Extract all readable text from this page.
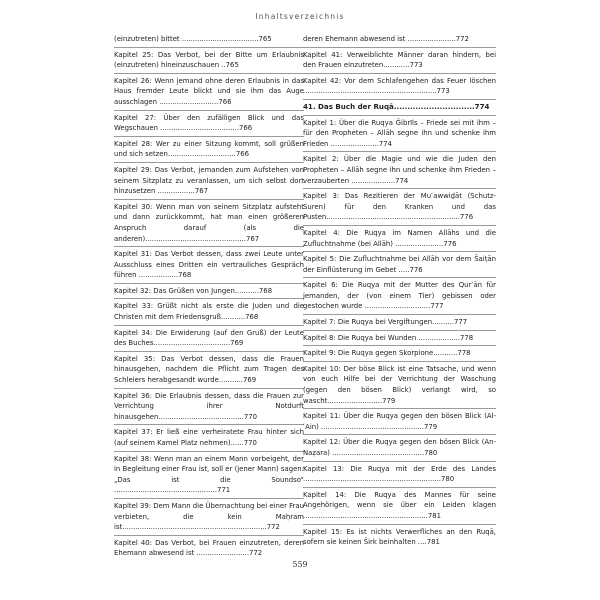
Inhaltsverzeichnis
(einzutreten) bittet ...................................765
Kapitel 25: Das Verbot, bei der Bitte um Erlaubnis (einzutreten) hineinzuschauen ..765
Kapitel 26: Wenn jemand ohne deren Erlaubnis in das Haus fremder Leute blickt und sie ihm das Auge ausschlagen ...........................766
Kapitel 27: Über den zufälligen Blick und das Wegschauen ....................................766
Kapitel 28: Wer zu einer Sitzung kommt, soll grüßen und sich setzen...............................766
Kapitel 29: Das Verbot, jemanden zum Aufstehen von seinem Sitzplatz zu veranlassen, um sich selbst dort hinzusetzen .................767
Kapitel 30: Wenn man von seinem Sitzplatz aufsteht und dann zurückkommt, hat man einen größeren Anspruch darauf (als die anderen)..............................................767
Kapitel 31: Das Verbot dessen, dass zwei Leute unter Ausschluss eines Dritten ein vertrauliches Gespräch führen ..................768
Kapitel 32: Das Grüßen von Jungen...........768
Kapitel 33: Grüßt nicht als erste die Juden und die Christen mit dem Friedensgruß...........768
Kapitel 34: Die Erwiderung (auf den Gruß) der Leute des Buches...................................769
Kapitel 35: Das Verbot dessen, dass die Frauen hinausgehen, nachdem die Pflicht zum Tragen des Schleiers herabgesandt wurde...........769
Kapitel 36: Die Erlaubnis dessen, dass die Frauen zur Verrichtung ihrer Notdurft hinausgehen.......................................770
Kapitel 37: Er ließ eine verheiratete Frau hinter sich (auf seinem Kamel Platz nehmen)......770
Kapitel 38: Wenn man an einem Mann vorbeigeht, der in Begleitung einer Frau ist, soll er (jener Mann) sagen: „Das ist die Soundso“ ...............................................771
Kapitel 39: Dem Mann die Übernachtung bei einer Frau verbieten, die kein Maḥram ist..................................................................772
Kapitel 40: Das Verbot, bei Frauen einzutreten, deren Ehemann abwesend ist ........................772
deren Ehemann abwesend ist ......................772
Kapitel 41: Verweiblichte Männer daran hindern, bei den Frauen einzutreten............773
Kapitel 42: Vor dem Schlafengehen das Feuer löschen .............................................................773
41. Das Buch der Ruqā..............................774
Kapitel 1: Über die Ruqya Ǧibrīls – Friede sei mit ihm – für den Propheten – Allāh segne ihn und schenke ihm Frieden ......................774
Kapitel 2: Über die Magie und wie die Juden den Propheten – Allāh segne ihn und schenke ihm Frieden – verzauberten ....................774
Kapitel 3: Das Rezitieren der Muʿawwiḏāt (Schutz-Suren) für den Kranken und das Pusten.............................................................776
Kapitel 4: Die Ruqya im Namen Allāhs und die Zufluchtnahme (bei Allāh) ......................776
Kapitel 5: Die Zufluchtnahme bei Allāh vor dem Šaiṭān der Einflüsterung im Gebet .....776
Kapitel 6: Die Ruqya mit der Mutter des Qurʾān für jemanden, der (von einem Tier) gebissen oder gestochen wurde ..............................777
Kapitel 7: Die Ruqya bei Vergiftungen..........777
Kapitel 8: Die Ruqya bei Wunden ...................778
Kapitel 9: Die Ruqya gegen Skorpione...........778
Kapitel 10: Der böse Blick ist eine Tatsache, und wenn von euch Hilfe bei der Verrichtung der Waschung (gegen den bösen Blick) verlangt wird, so wascht.........................779
Kapitel 11: Über die Ruqya gegen den bösen Blick (Al-ʿAin) ...............................................779
Kapitel 12: Über die Ruqya gegen den bösen Blick (An-Naẓara) ..........................................780
Kapitel 13: Die Ruqya mit der Erde des Landes ...............................................................780
Kapitel 14: Die Ruqya des Mannes für seine Angehörigen, wenn sie über ein Leiden klagen .........................................................781
Kapitel 15: Es ist nichts Verwerfliches an den Ruqā, sofern sie keinen Širk beinhalten ....781
559
